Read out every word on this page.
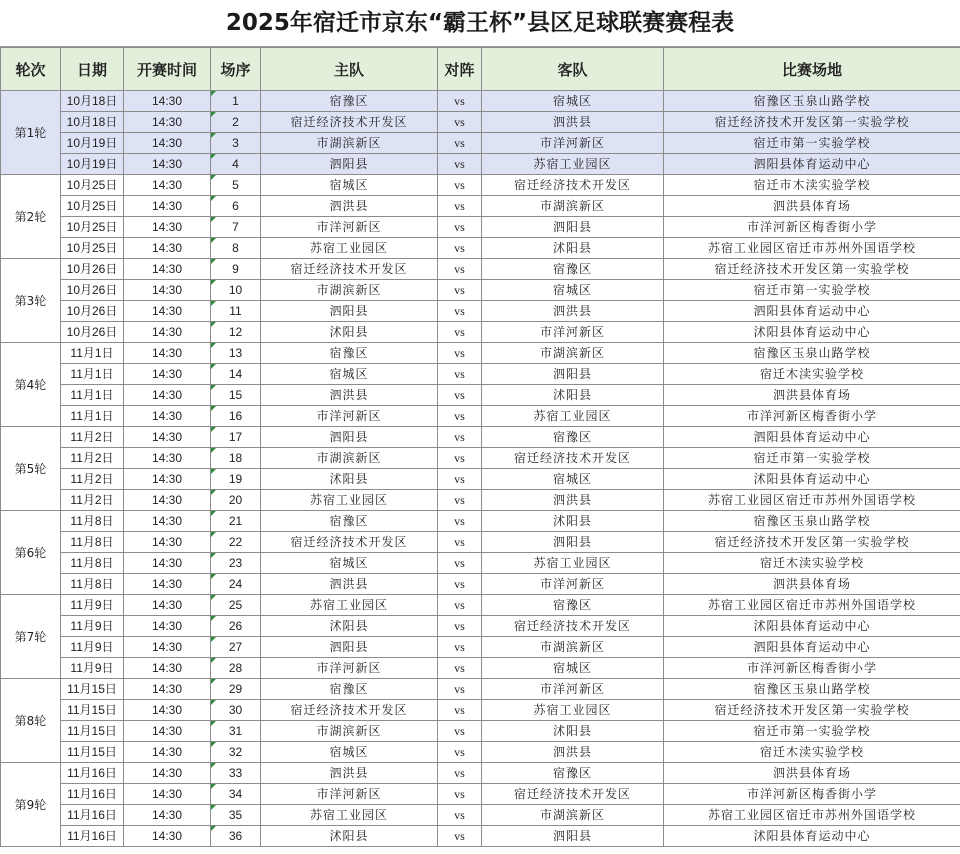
2025年宿迁市京东“霸王杯”县区足球联赛赛程表
轮次	日期	开赛时间	场序	主队	对阵	客队	比赛场地
第1轮	10月18日	14:30	1	宿豫区	vs	宿城区	宿豫区玉泉山路学校
	10月18日	14:30	2	宿迁经济技术开发区	vs	泗洪县	宿迁经济技术开发区第一实验学校
	10月19日	14:30	3	市湖滨新区	vs	市洋河新区	宿迁市第一实验学校
	10月19日	14:30	4	泗阳县	vs	苏宿工业园区	泗阳县体育运动中心
第2轮	10月25日	14:30	5	宿城区	vs	宿迁经济技术开发区	宿迁市木渎实验学校
	10月25日	14:30	6	泗洪县	vs	市湖滨新区	泗洪县体育场
	10月25日	14:30	7	市洋河新区	vs	泗阳县	市洋河新区梅香街小学
	10月25日	14:30	8	苏宿工业园区	vs	沭阳县	苏宿工业园区宿迁市苏州外国语学校
第3轮	10月26日	14:30	9	宿迁经济技术开发区	vs	宿豫区	宿迁经济技术开发区第一实验学校
	10月26日	14:30	10	市湖滨新区	vs	宿城区	宿迁市第一实验学校
	10月26日	14:30	11	泗阳县	vs	泗洪县	泗阳县体育运动中心
	10月26日	14:30	12	沭阳县	vs	市洋河新区	沭阳县体育运动中心
第4轮	11月1日	14:30	13	宿豫区	vs	市湖滨新区	宿豫区玉泉山路学校
	11月1日	14:30	14	宿城区	vs	泗阳县	宿迁木渎实验学校
	11月1日	14:30	15	泗洪县	vs	沭阳县	泗洪县体育场
	11月1日	14:30	16	市洋河新区	vs	苏宿工业园区	市洋河新区梅香街小学
第5轮	11月2日	14:30	17	泗阳县	vs	宿豫区	泗阳县体育运动中心
	11月2日	14:30	18	市湖滨新区	vs	宿迁经济技术开发区	宿迁市第一实验学校
	11月2日	14:30	19	沭阳县	vs	宿城区	沭阳县体育运动中心
	11月2日	14:30	20	苏宿工业园区	vs	泗洪县	苏宿工业园区宿迁市苏州外国语学校
第6轮	11月8日	14:30	21	宿豫区	vs	沭阳县	宿豫区玉泉山路学校
	11月8日	14:30	22	宿迁经济技术开发区	vs	泗阳县	宿迁经济技术开发区第一实验学校
	11月8日	14:30	23	宿城区	vs	苏宿工业园区	宿迁木渎实验学校
	11月8日	14:30	24	泗洪县	vs	市洋河新区	泗洪县体育场
第7轮	11月9日	14:30	25	苏宿工业园区	vs	宿豫区	苏宿工业园区宿迁市苏州外国语学校
	11月9日	14:30	26	沭阳县	vs	宿迁经济技术开发区	沭阳县体育运动中心
	11月9日	14:30	27	泗阳县	vs	市湖滨新区	泗阳县体育运动中心
	11月9日	14:30	28	市洋河新区	vs	宿城区	市洋河新区梅香街小学
第8轮	11月15日	14:30	29	宿豫区	vs	市洋河新区	宿豫区玉泉山路学校
	11月15日	14:30	30	宿迁经济技术开发区	vs	苏宿工业园区	宿迁经济技术开发区第一实验学校
	11月15日	14:30	31	市湖滨新区	vs	沭阳县	宿迁市第一实验学校
	11月15日	14:30	32	宿城区	vs	泗洪县	宿迁木渎实验学校
第9轮	11月16日	14:30	33	泗洪县	vs	宿豫区	泗洪县体育场
	11月16日	14:30	34	市洋河新区	vs	宿迁经济技术开发区	市洋河新区梅香街小学
	11月16日	14:30	35	苏宿工业园区	vs	市湖滨新区	苏宿工业园区宿迁市苏州外国语学校
	11月16日	14:30	36	沭阳县	vs	泗阳县	沭阳县体育运动中心
